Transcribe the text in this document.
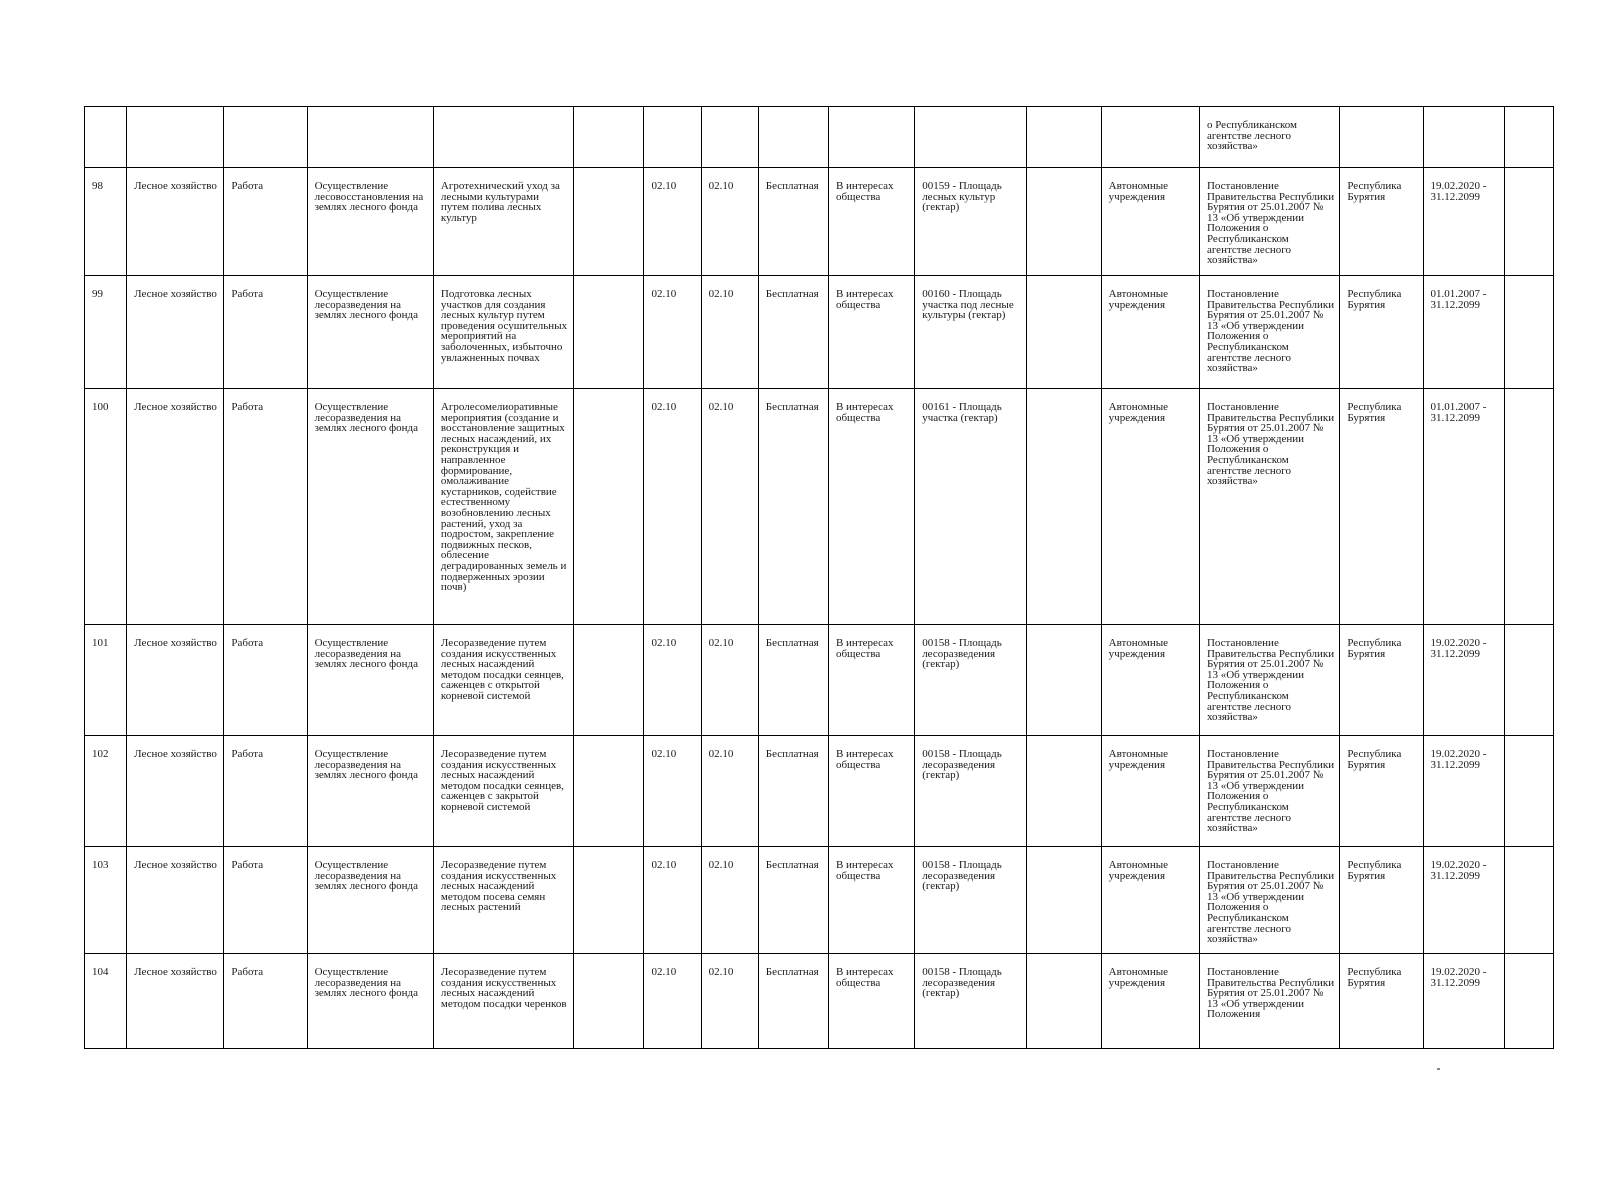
													о Республиканском агентстве лесного хозяйства»			
98	Лесное хозяйство	Работа	Осуществление лесовосстановления на землях лесного фонда	Агротехнический уход за лесными культурами путем полива лесных культур		02.10	02.10	Бесплатная	В интересах общества	00159 - Площадь лесных культур (гектар)		Автономные учреждения	Постановление Правительства Республики Бурятия от 25.01.2007 № 13 «Об утверждении Положения о Республиканском агентстве лесного хозяйства»	Республика Бурятия	19.02.2020 - 31.12.2099	
99	Лесное хозяйство	Работа	Осуществление лесоразведения на землях лесного фонда	Подготовка лесных участков для создания лесных культур путем проведения осушительных мероприятий на заболоченных, избыточно увлажненных почвах		02.10	02.10	Бесплатная	В интересах общества	00160 - Площадь участка под лесные культуры (гектар)		Автономные учреждения	Постановление Правительства Республики Бурятия от 25.01.2007 № 13 «Об утверждении Положения о Республиканском агентстве лесного хозяйства»	Республика Бурятия	01.01.2007 - 31.12.2099	
100	Лесное хозяйство	Работа	Осуществление лесоразведения на землях лесного фонда	Агролесомелиоративные мероприятия (создание и восстановление защитных лесных насаждений, их реконструкция и направленное формирование, омолаживание кустарников, содействие естественному возобновлению лесных растений, уход за подростом, закрепление подвижных песков, облесение деградированных земель и подверженных эрозии почв)		02.10	02.10	Бесплатная	В интересах общества	00161 - Площадь участка (гектар)		Автономные учреждения	Постановление Правительства Республики Бурятия от 25.01.2007 № 13 «Об утверждении Положения о Республиканском агентстве лесного хозяйства»	Республика Бурятия	01.01.2007 - 31.12.2099	
101	Лесное хозяйство	Работа	Осуществление лесоразведения на землях лесного фонда	Лесоразведение путем создания искусственных лесных насаждений методом посадки сеянцев, саженцев с открытой корневой системой		02.10	02.10	Бесплатная	В интересах общества	00158 - Площадь лесоразведения (гектар)		Автономные учреждения	Постановление Правительства Республики Бурятия от 25.01.2007 № 13 «Об утверждении Положения о Республиканском агентстве лесного хозяйства»	Республика Бурятия	19.02.2020 - 31.12.2099	
102	Лесное хозяйство	Работа	Осуществление лесоразведения на землях лесного фонда	Лесоразведение путем создания искусственных лесных насаждений методом посадки сеянцев, саженцев с закрытой корневой системой		02.10	02.10	Бесплатная	В интересах общества	00158 - Площадь лесоразведения (гектар)		Автономные учреждения	Постановление Правительства Республики Бурятия от 25.01.2007 № 13 «Об утверждении Положения о Республиканском агентстве лесного хозяйства»	Республика Бурятия	19.02.2020 - 31.12.2099	
103	Лесное хозяйство	Работа	Осуществление лесоразведения на землях лесного фонда	Лесоразведение путем создания искусственных лесных насаждений методом посева семян лесных растений		02.10	02.10	Бесплатная	В интересах общества	00158 - Площадь лесоразведения (гектар)		Автономные учреждения	Постановление Правительства Республики Бурятия от 25.01.2007 № 13 «Об утверждении Положения о Республиканском агентстве лесного хозяйства»	Республика Бурятия	19.02.2020 - 31.12.2099	
104	Лесное хозяйство	Работа	Осуществление лесоразведения на землях лесного фонда	Лесоразведение путем создания искусственных лесных насаждений методом посадки черенков		02.10	02.10	Бесплатная	В интересах общества	00158 - Площадь лесоразведения (гектар)		Автономные учреждения	Постановление Правительства Республики Бурятия от 25.01.2007 № 13 «Об утверждении Положения	Республика Бурятия	19.02.2020 - 31.12.2099	
